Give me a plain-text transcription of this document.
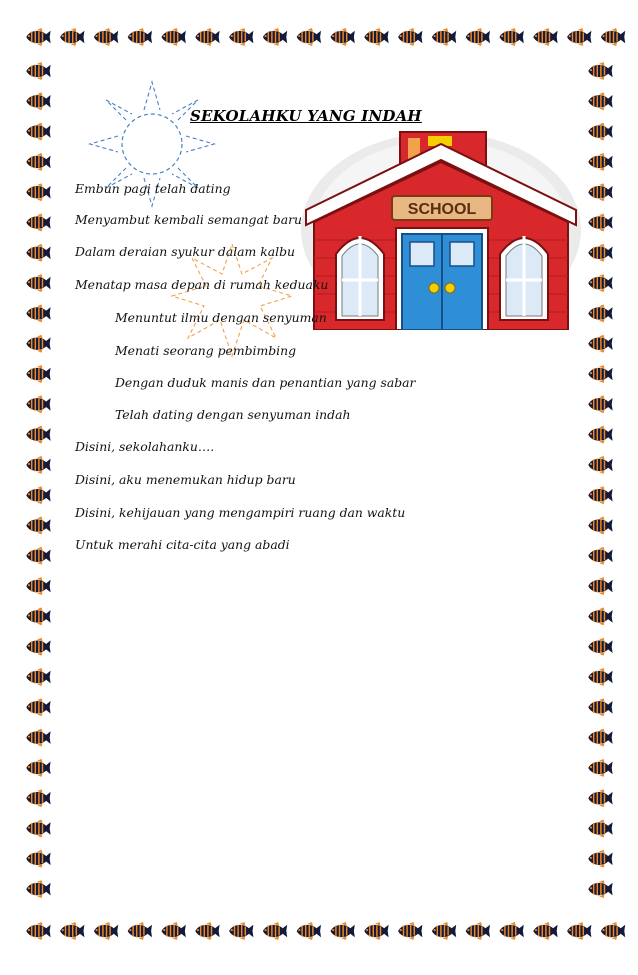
SCHOOL
SEKOLAHKU YANG INDAH
Embun pagi telah dating
Menyambut kembali semangat baru
Dalam deraian syukur dalam kalbu
Menatap masa depan di rumah keduaku
Menuntut ilmu dengan senyuman
Menati seorang pembimbing
Dengan duduk manis dan penantian yang sabar
Telah dating dengan senyuman indah
Disini, sekolahanku….
Disini, aku menemukan hidup baru
Disini, kehijauan yang mengampiri ruang dan waktu
Untuk merahi cita-cita yang abadi
